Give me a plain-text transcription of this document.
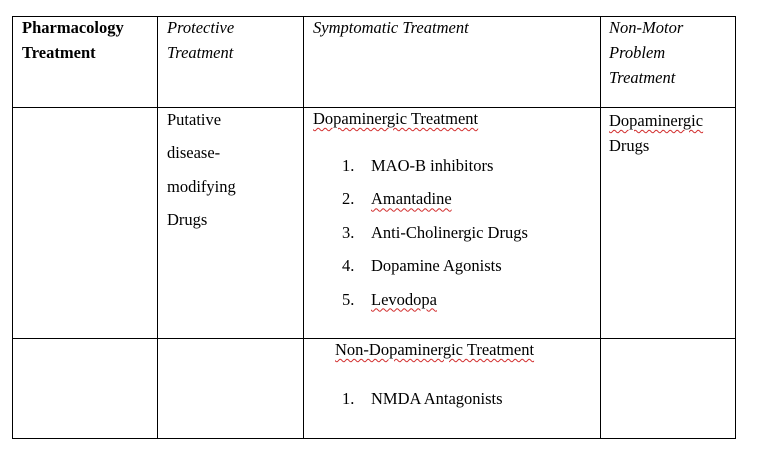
Pharmacology
Treatment
Protective
Treatment
Symptomatic Treatment	Non-Motor
Problem
Treatment
Putative
disease-
modifying
Drugs
Dopaminergic Treatment
1. MAO-B inhibitors
2. Amantadine
3. Anti-Cholinergic Drugs
4. Dopamine Agonists
5. Levodopa
Dopaminergic
Drugs
Non-Dopaminergic Treatment
1. NMDA Antagonists
